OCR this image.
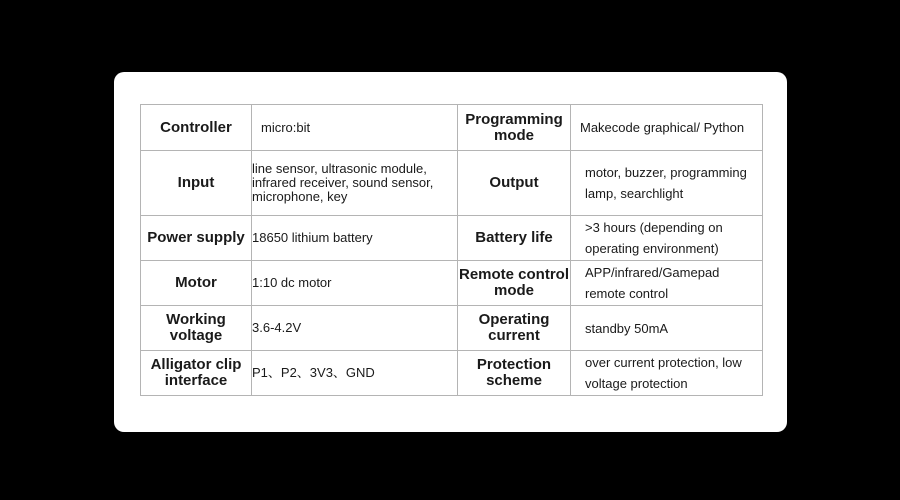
Controller	micro:bit	Programming mode	Makecode graphical/ Python
Input	line sensor, ultrasonic module, infrared receiver, sound sensor, microphone, key	Output	motor, buzzer, programming lamp, searchlight
Power supply	18650 lithium battery	Battery life	>3 hours (depending on operating environment)
Motor	1:10 dc motor	Remote control mode	APP/infrared/Gamepad remote control
Working voltage	3.6-4.2V	Operating current	standby 50mA
Alligator clip interface	P1、P2、3V3、GND	Protection scheme	over current protection, low voltage protection
